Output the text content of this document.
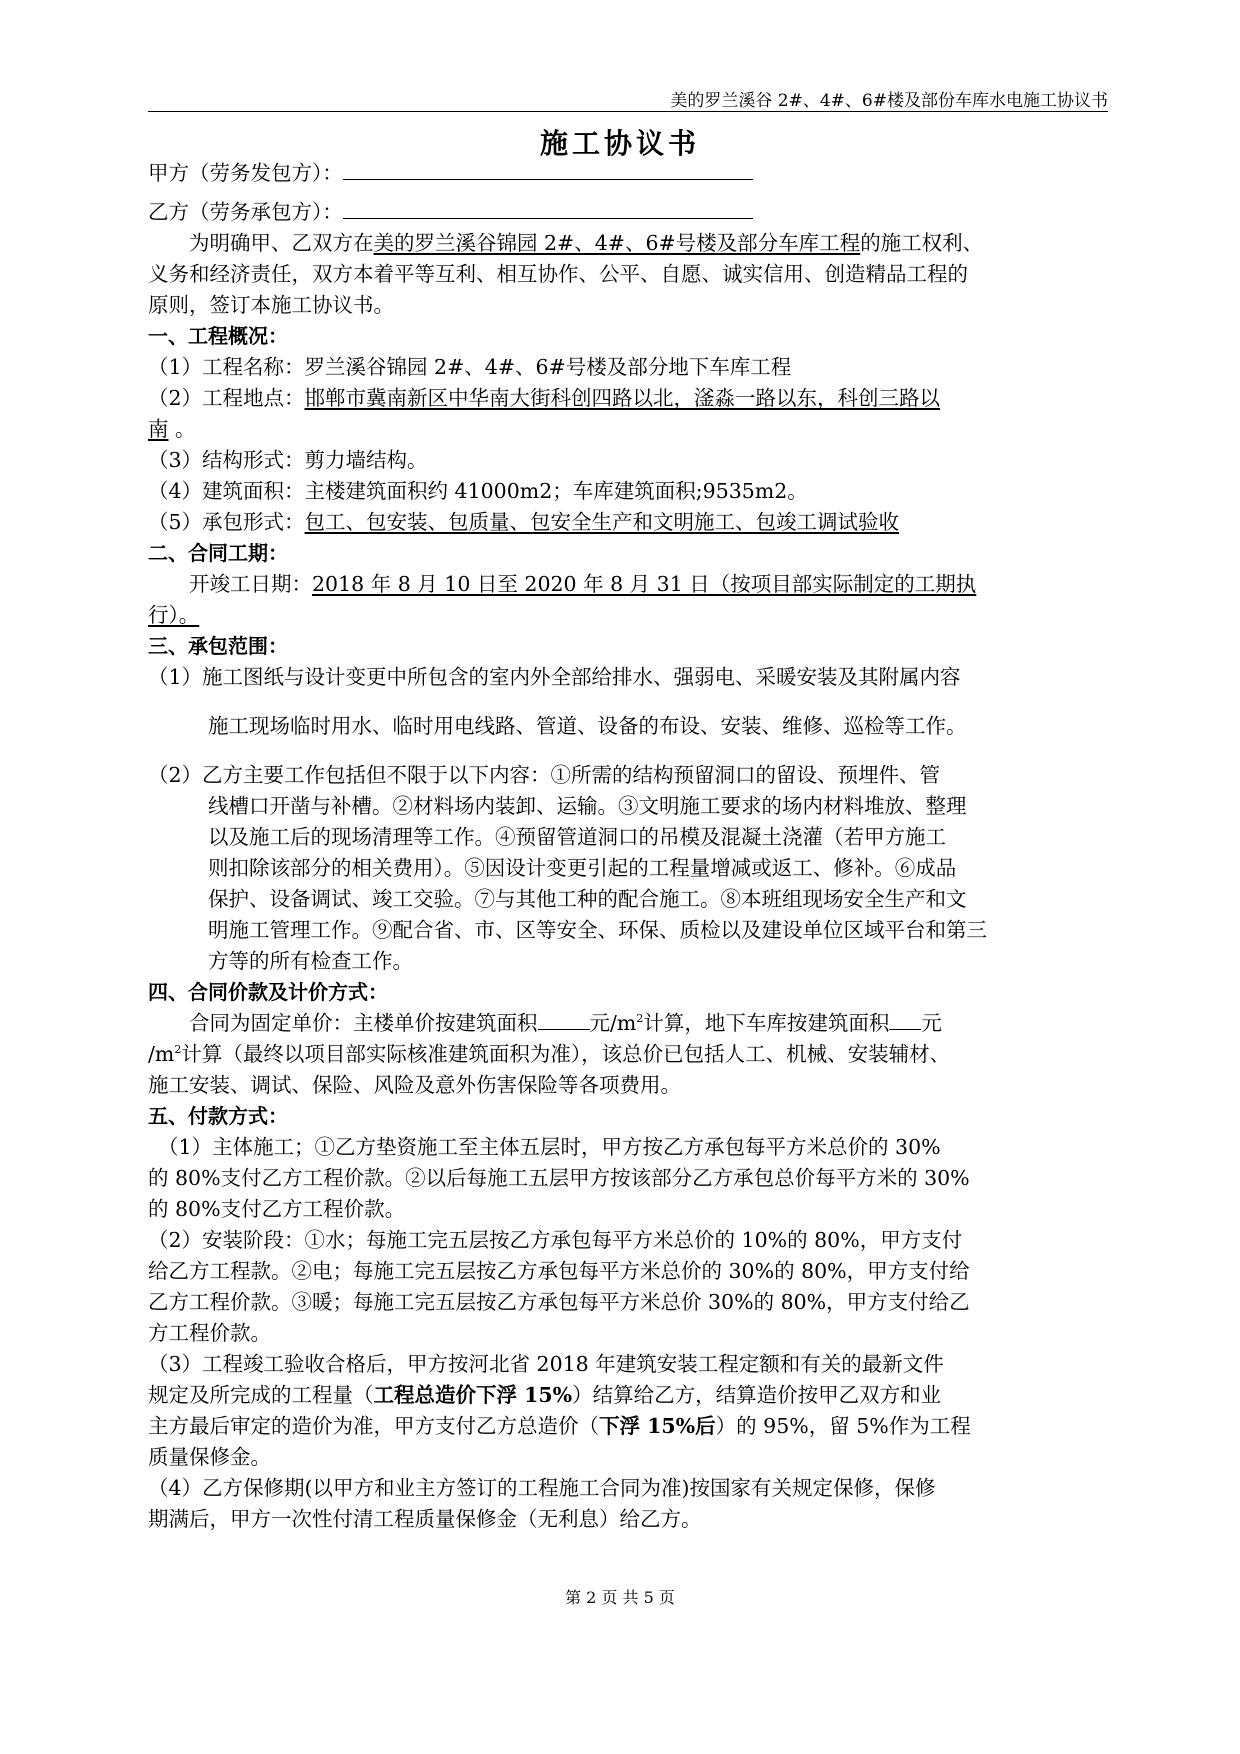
美的罗兰溪谷 2#、4#、6#楼及部份车库水电施工协议书
施工协议书
甲方（劳务发包方）：
乙方（劳务承包方）：
为明确甲、乙双方在美的罗兰溪谷锦园 2#、4#、6#号楼及部分车库工程的施工权利、
义务和经济责任，双方本着平等互利、相互协作、公平、自愿、诚实信用、创造精品工程的
原则，签订本施工协议书。
一、工程概况：
（1）工程名称：罗兰溪谷锦园 2#、4#、6#号楼及部分地下车库工程
（2）工程地点：邯郸市冀南新区中华南大街科创四路以北，滏淼一路以东，科创三路以
南 。
（3）结构形式：剪力墙结构。
（4）建筑面积：主楼建筑面积约 41000m2；车库建筑面积;9535m2。
（5）承包形式：包工、包安装、包质量、包安全生产和文明施工、包竣工调试验收
二、合同工期：
开竣工日期：2018 年 8 月 10 日至 2020 年 8 月 31 日（按项目部实际制定的工期执
行）。
三、承包范围：
（1）施工图纸与设计变更中所包含的室内外全部给排水、强弱电、采暖安装及其附属内容
施工现场临时用水、临时用电线路、管道、设备的布设、安装、维修、巡检等工作。
（2）乙方主要工作包括但不限于以下内容：①所需的结构预留洞口的留设、预埋件、管
线槽口开凿与补槽。②材料场内装卸、运输。③文明施工要求的场内材料堆放、整理
以及施工后的现场清理等工作。④预留管道洞口的吊模及混凝土浇灌（若甲方施工
则扣除该部分的相关费用）。⑤因设计变更引起的工程量增减或返工、修补。⑥成品
保护、设备调试、竣工交验。⑦与其他工种的配合施工。⑧本班组现场安全生产和文
明施工管理工作。⑨配合省、市、区等安全、环保、质检以及建设单位区域平台和第三
方等的所有检查工作。
四、合同价款及计价方式：
合同为固定单价：主楼单价按建筑面积	元$/m^2$计算，地下车库按建筑面积 元
$/m^2$计算（最终以项目部实际核准建筑面积为准），该总价已包括人工、机械、安装辅材、
施工安装、调试、保险、风险及意外伤害保险等各项费用。
五、付款方式：
（1）主体施工；①乙方垫资施工至主体五层时，甲方按乙方承包每平方米总价的 30%
的 80%支付乙方工程价款。②以后每施工五层甲方按该部分乙方承包总价每平方米的 30%
的 80%支付乙方工程价款。
（2）安装阶段：①水；每施工完五层按乙方承包每平方米总价的 10%的 80%，甲方支付
给乙方工程款。②电；每施工完五层按乙方承包每平方米总价的 30%的 80%，甲方支付给
乙方工程价款。③暖；每施工完五层按乙方承包每平方米总价 30%的 80%，甲方支付给乙
方工程价款。
（3）工程竣工验收合格后，甲方按河北省 2018 年建筑安装工程定额和有关的最新文件
规定及所完成的工程量（工程总造价下浮 15%）结算给乙方，结算造价按甲乙双方和业
主方最后审定的造价为准，甲方支付乙方总造价（下浮 15%后）的 95%，留 5%作为工程
质量保修金。
（4）乙方保修期(以甲方和业主方签订的工程施工合同为准)按国家有关规定保修，保修
期满后，甲方一次性付清工程质量保修金（无利息）给乙方。
第 2 页 共 5 页
